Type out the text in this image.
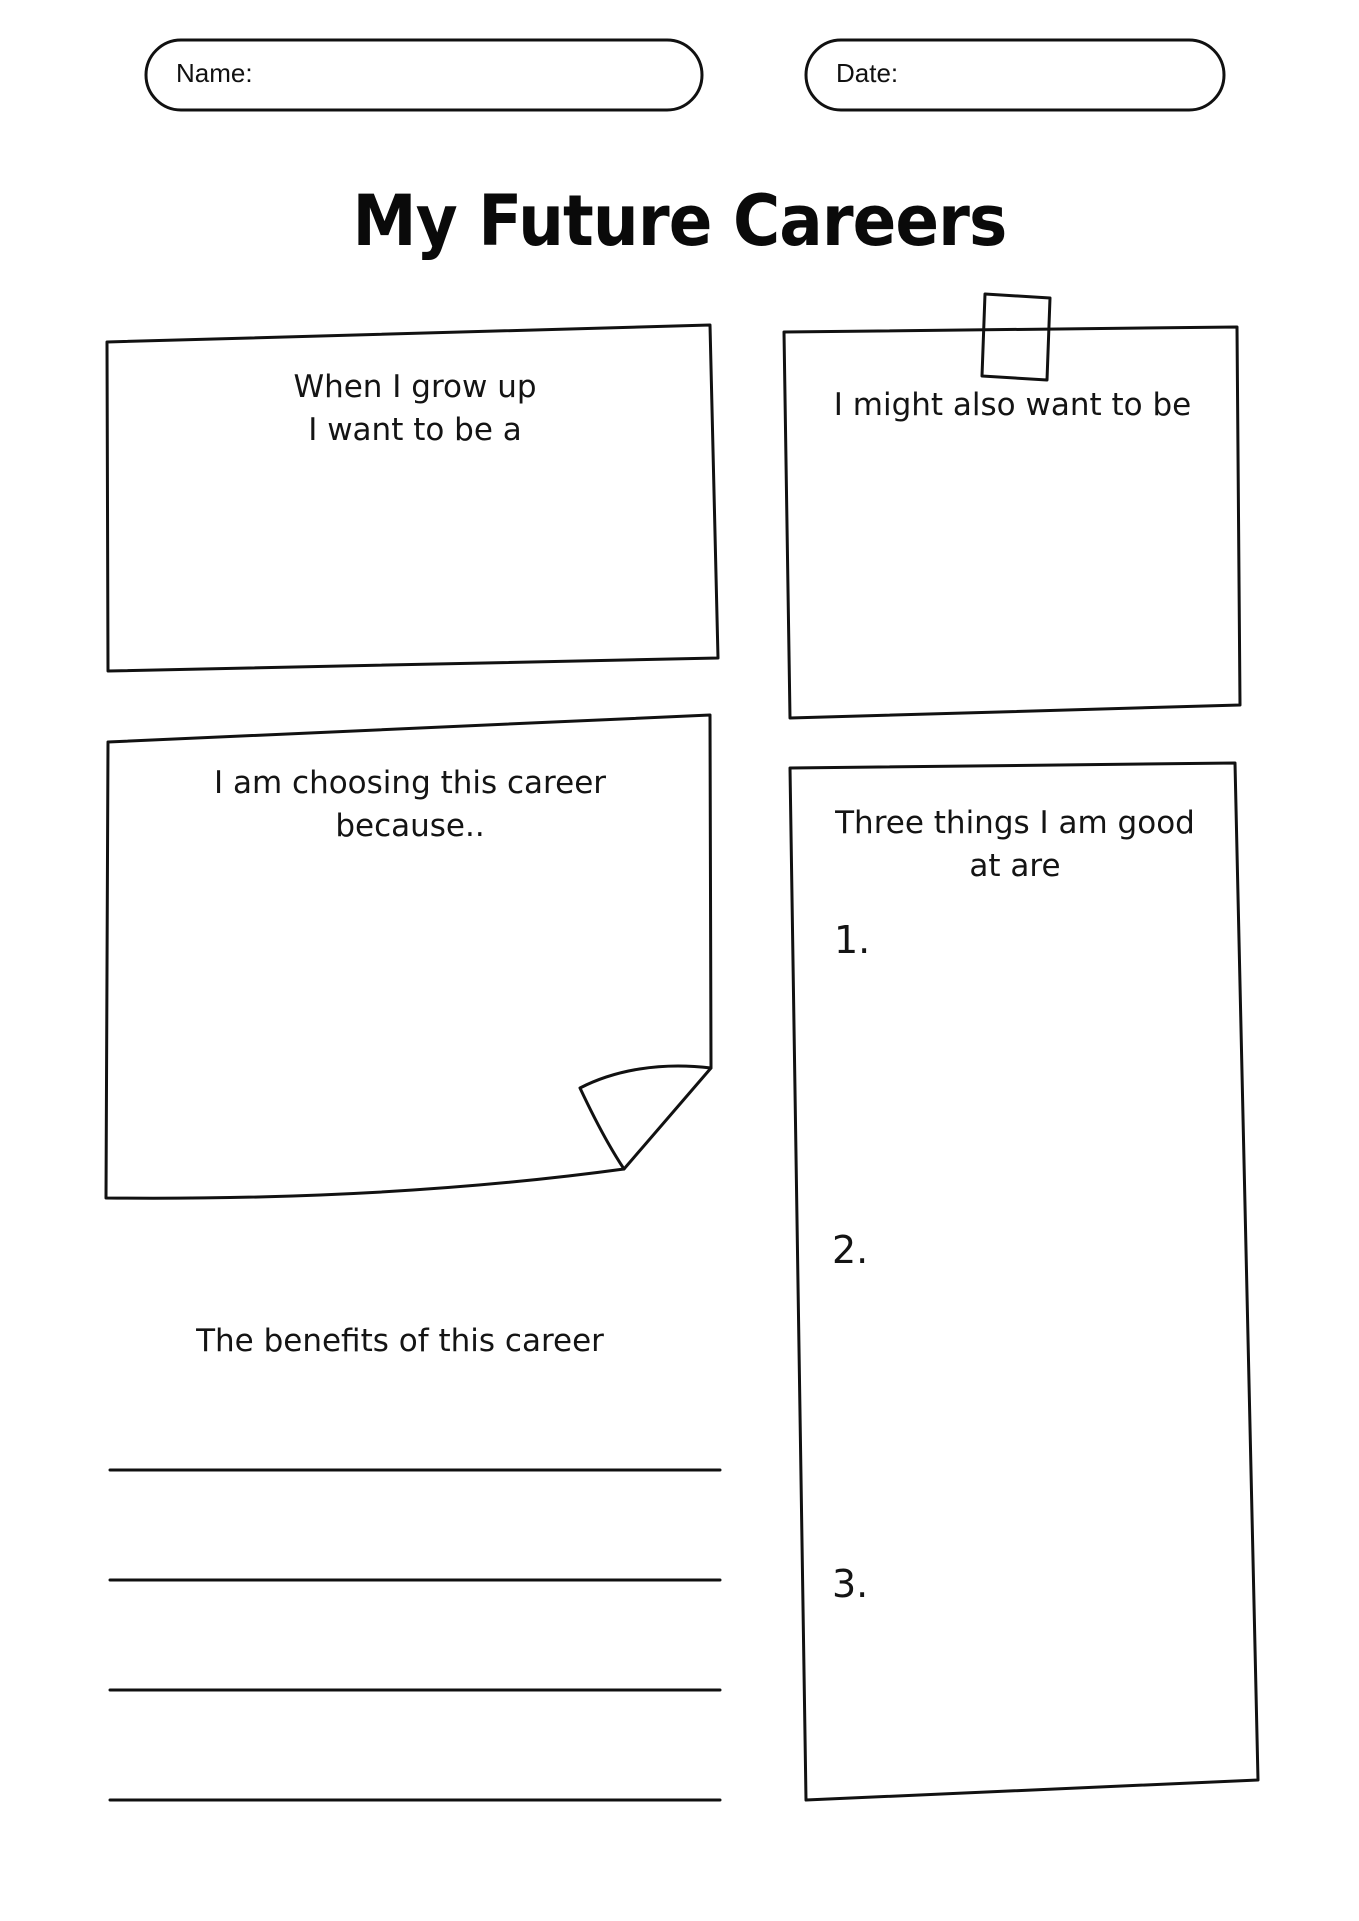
Name:	Date:
My Future Careers
When I grow up
I want to be a
I might also want to be
I am choosing this career
because..	Three things I am good
at are
1.
2.
3.
The benefits of this career
